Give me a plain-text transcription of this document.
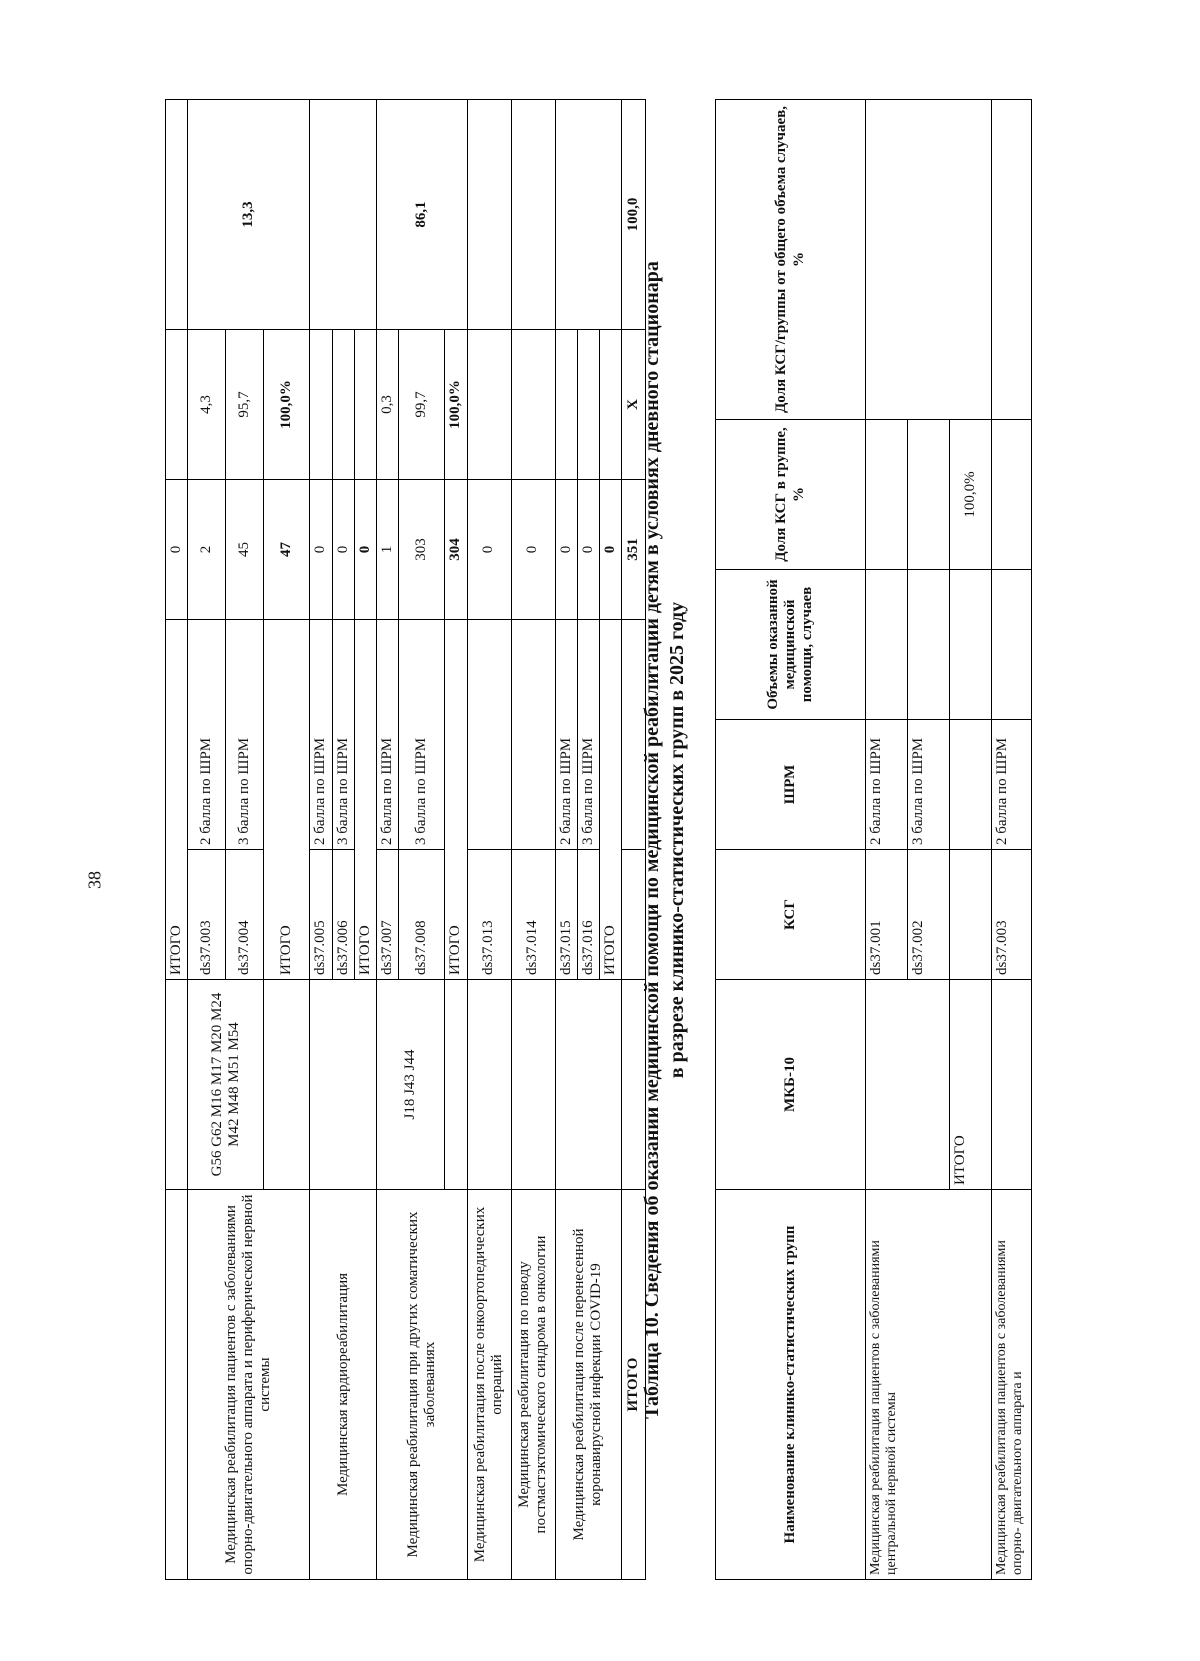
38
		ИТОГО		0		
Медицинская реабилитация пациентов с заболеваниями опорно-двигательного аппарата и периферической нервной системы	G56 G62 M16 M17 M20 M24 M42 M48 M51 M54	ds37.003	2 балла по ШРМ	2	4,3	13,3
		ds37.004	3 балла по ШРМ	45	95,7	
		ИТОГО		47	100,0%	
Медицинская кардиореабилитация		ds37.005	2 балла по ШРМ	0		
		ds37.006	3 балла по ШРМ	0		
		ИТОГО		0		
Медицинская реабилитация при других соматических заболеваниях	J18 J43 J44	ds37.007	2 балла по ШРМ	1	0,3	86,1
		ds37.008	3 балла по ШРМ	303	99,7	
		ИТОГО		304	100,0%	
Медицинская реабилитация после онкоортопедических операций		ds37.013		0		
Медицинская реабилитация по поводу постмастэктомического синдрома в онкологии		ds37.014		0		
Медицинская реабилитация после перенесенной коронавирусной инфекции COVID-19		ds37.015	2 балла по ШРМ	0		
		ds37.016	3 балла по ШРМ	0		
		ИТОГО		0		
ИТОГО				351	X	100,0
Таблица 10. Сведения об оказании медицинской помощи по медицинской реабилитации детям в условиях дневного стационара в разрезе клинико-статистических групп в 2025 году
Наименование клинико-статистических групп	МКБ-10	КСГ	ШРМ	Объемы оказанной медицинской помощи, случаев	Доля КСГ в группе, %	Доля КСГ/группы от общего объема случаев, %
Медицинская реабилитация пациентов с заболеваниями центральной нервной системы		ds37.001	2 балла по ШРМ			
		ds37.002	3 балла по ШРМ			
	ИТОГО				100,0%	
Медицинская реабилитация пациентов с заболеваниями опорно- двигательного аппарата и		ds37.003	2 балла по ШРМ			
